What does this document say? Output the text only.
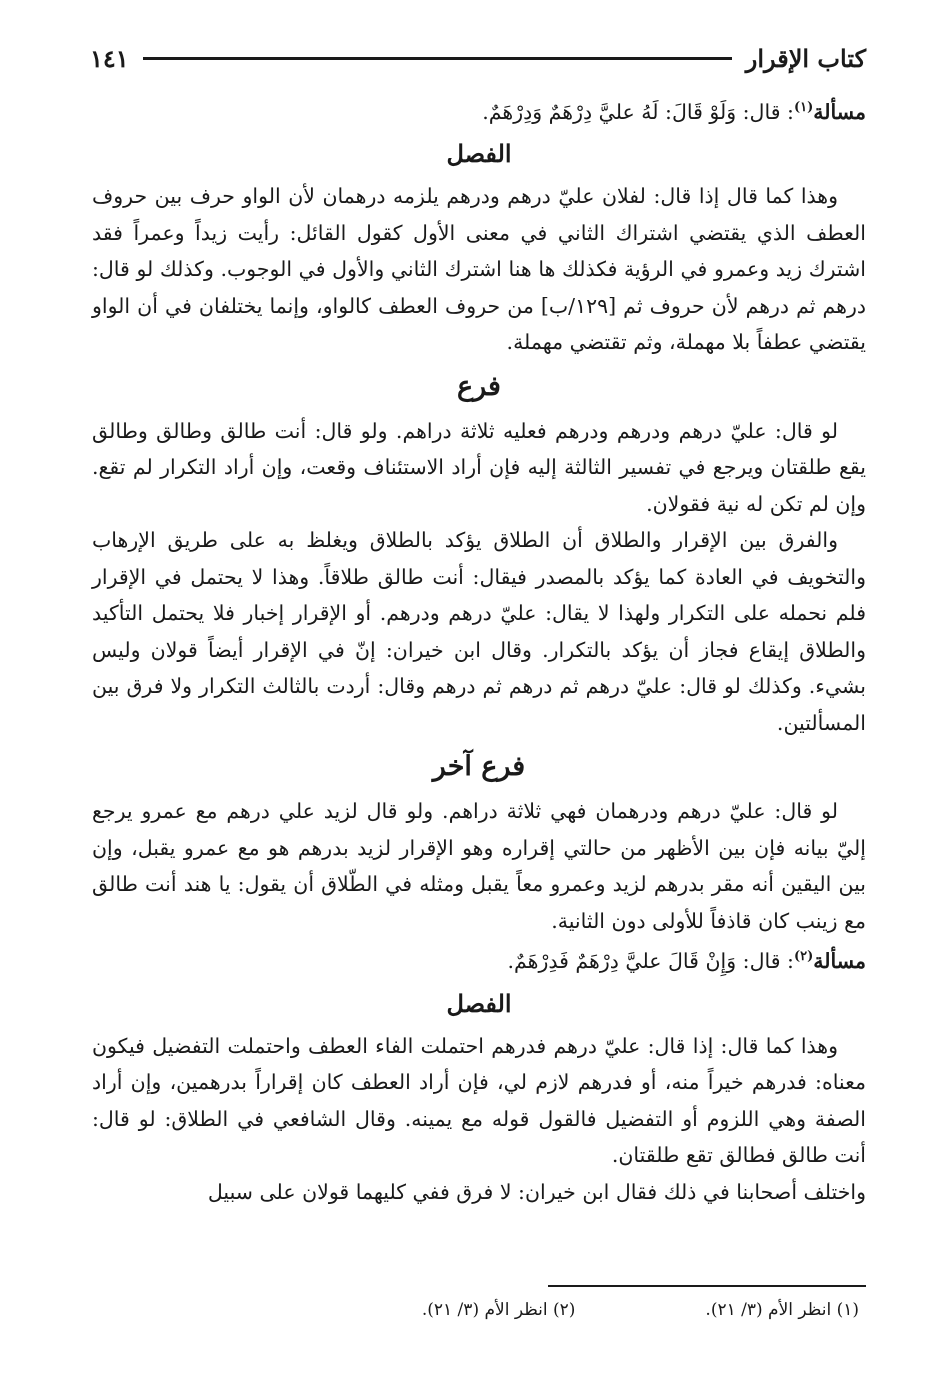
كتاب الإقرار
١٤١

مسألة$^{(١)}$: قال: وَلَوْ قَالَ: لَهُ عليَّ دِرْهَمٌ وَدِرْهَمٌ.

الفصل

وهذا كما قال إذا قال: لفلان عليّ درهم ودرهم يلزمه درهمان لأن الواو حرف بين حروف العطف الذي يقتضي اشتراك الثاني في معنى الأول كقول القائل: رأيت زيداً وعمراً فقد اشترك زيد وعمرو في الرؤية فكذلك ها هنا اشترك الثاني والأول في الوجوب. وكذلك لو قال: درهم ثم درهم لأن حروف ثم [١٢٩/ب] من حروف العطف كالواو، وإنما يختلفان في أن الواو يقتضي عطفاً بلا مهملة، وثم تقتضي مهملة.

فرع

لو قال: عليّ درهم ودرهم ودرهم فعليه ثلاثة دراهم. ولو قال: أنت طالق وطالق وطالق يقع طلقتان ويرجع في تفسير الثالثة إليه فإن أراد الاستئناف وقعت، وإن أراد التكرار لم تقع. وإن لم تكن له نية فقولان.

والفرق بين الإقرار والطلاق أن الطلاق يؤكد بالطلاق ويغلظ به على طريق الإرهاب والتخويف في العادة كما يؤكد بالمصدر فيقال: أنت طالق طلاقاً. وهذا لا يحتمل في الإقرار فلم نحمله على التكرار ولهذا لا يقال: عليّ درهم ودرهم. أو الإقرار إخبار فلا يحتمل التأكيد والطلاق إيقاع فجاز أن يؤكد بالتكرار. وقال ابن خيران: إنّ في الإقرار أيضاً قولان وليس بشيء. وكذلك لو قال: عليّ درهم ثم درهم ثم درهم وقال: أردت بالثالث التكرار ولا فرق بين المسألتين.

فرع آخر

لو قال: عليّ درهم ودرهمان فهي ثلاثة دراهم. ولو قال لزيد علي درهم مع عمرو يرجع إليّ بيانه فإن بين الأظهر من حالتي إقراره وهو الإقرار لزيد بدرهم هو مع عمرو يقبل، وإن بين اليقين أنه مقر بدرهم لزيد وعمرو معاً يقبل ومثله في الطّلاق أن يقول: يا هند أنت طالق مع زينب كان قاذفاً للأولى دون الثانية.

مسألة$^{(٢)}$: قال: وَإِنْ قَالَ عليَّ دِرْهَمٌ فَدِرْهَمٌ.

الفصل

وهذا كما قال: إذا قال: عليّ درهم فدرهم احتملت الفاء العطف واحتملت التفضيل فيكون معناه: فدرهم خيراً منه، أو فدرهم لازم لي، فإن أراد العطف كان إقراراً بدرهمين، وإن أراد الصفة وهي اللزوم أو التفضيل فالقول قوله مع يمينه. وقال الشافعي في الطلاق: لو قال: أنت طالق فطالق تقع طلقتان.

واختلف أصحابنا في ذلك فقال ابن خيران: لا فرق ففي كليهما قولان على سبيل

(١) انظر الأم (٣/ ٢١).
(٢) انظر الأم (٣/ ٢١).
